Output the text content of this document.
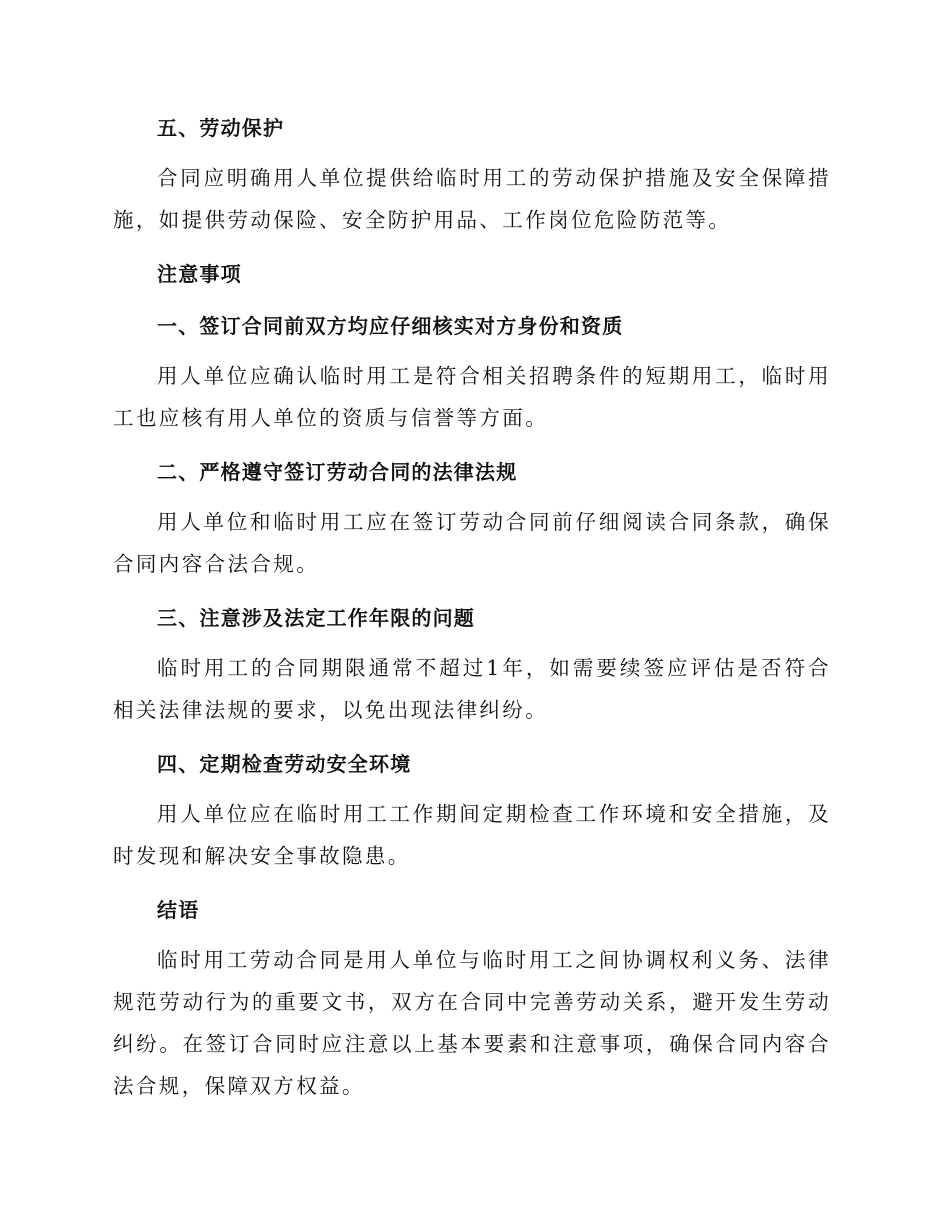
五、劳动保护
合同应明确用人单位提供给临时用工的劳动保护措施及安全保障措施，如提供劳动保险、安全防护用品、工作岗位危险防范等。
注意事项
一、签订合同前双方均应仔细核实对方身份和资质
用人单位应确认临时用工是符合相关招聘条件的短期用工，临时用工也应核有用人单位的资质与信誉等方面。
二、严格遵守签订劳动合同的法律法规
用人单位和临时用工应在签订劳动合同前仔细阅读合同条款，确保合同内容合法合规。
三、注意涉及法定工作年限的问题
临时用工的合同期限通常不超过1年，如需要续签应评估是否符合相关法律法规的要求，以免出现法律纠纷。
四、定期检查劳动安全环境
用人单位应在临时用工工作期间定期检查工作环境和安全措施，及时发现和解决安全事故隐患。
结语
临时用工劳动合同是用人单位与临时用工之间协调权利义务、法律规范劳动行为的重要文书，双方在合同中完善劳动关系，避开发生劳动纠纷。在签订合同时应注意以上基本要素和注意事项，确保合同内容合法合规，保障双方权益。
